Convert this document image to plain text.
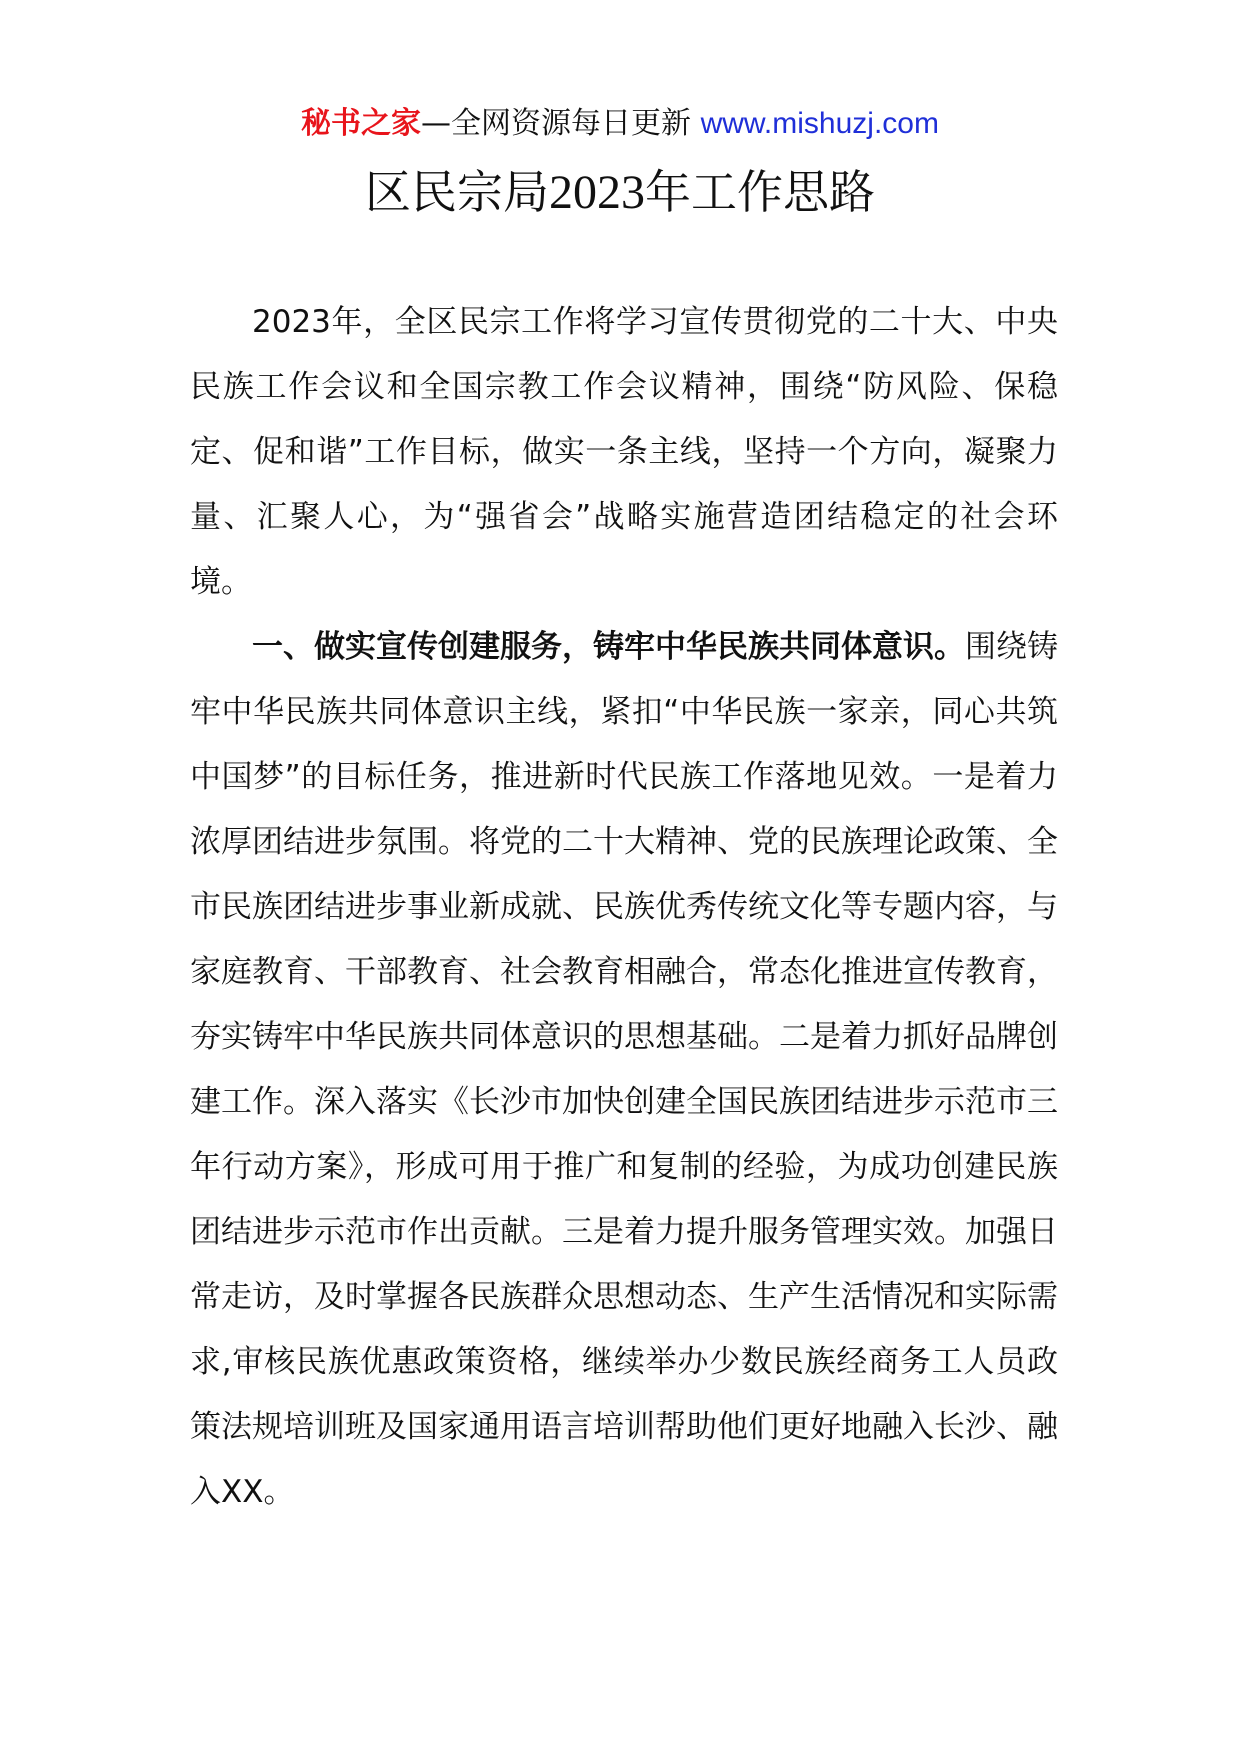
秘书之家—全网资源每日更新 www.mishuzj.com
区民宗局2023年工作思路

2023年，全区民宗工作将学习宣传贯彻党的二十大、中央民族工作会议和全国宗教工作会议精神，围绕“防风险、保稳定、促和谐”工作目标，做实一条主线，坚持一个方向，凝聚力量、汇聚人心，为“强省会”战略实施营造团结稳定的社会环境。

一、做实宣传创建服务，铸牢中华民族共同体意识。围绕铸牢中华民族共同体意识主线，紧扣“中华民族一家亲，同心共筑中国梦”的目标任务，推进新时代民族工作落地见效。一是着力浓厚团结进步氛围。将党的二十大精神、党的民族理论政策、全市民族团结进步事业新成就、民族优秀传统文化等专题内容，与家庭教育、干部教育、社会教育相融合，常态化推进宣传教育，夯实铸牢中华民族共同体意识的思想基础。二是着力抓好品牌创建工作。深入落实《长沙市加快创建全国民族团结进步示范市三年行动方案》，形成可用于推广和复制的经验，为成功创建民族团结进步示范市作出贡献。三是着力提升服务管理实效。加强日常走访，及时掌握各民族群众思想动态、生产生活情况和实际需求,审核民族优惠政策资格，继续举办少数民族经商务工人员政策法规培训班及国家通用语言培训帮助他们更好地融入长沙、融入XX。
